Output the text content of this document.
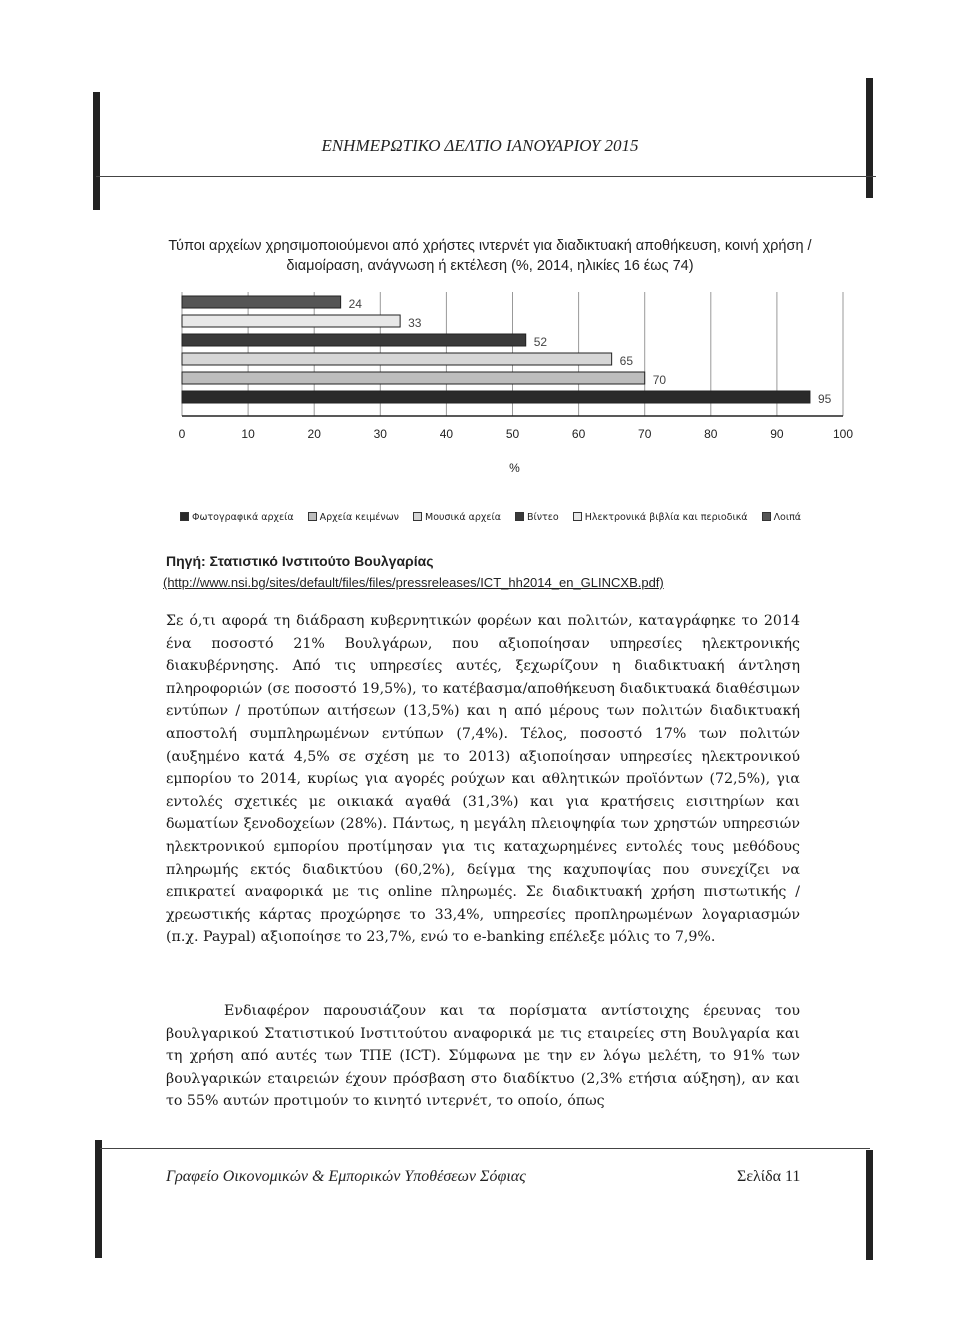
ΕΝΗΜΕΡΩΤΙΚΟ ΔΕΛΤΙΟ ΙΑΝΟΥΑΡΙΟΥ 2015
Τύποι αρχείων χρησιμοποιούμενοι από χρήστες ιντερνέτ για διαδικτυακή αποθήκευση, κοινή χρήση / διαμοίραση, ανάγνωση ή εκτέλεση (%, 2014, ηλικίες 16 έως 74)
0	10	20	30	40	50	60	70	80	90	100
24
33
52
65
70
95
%
Φωτογραφικά αρχεία	Αρχεία κειμένων	Μουσικά αρχεία	Βίντεο	Ηλεκτρονικά βιβλία και περιοδικά	Λοιπά
Πηγή: Στατιστικό Ινστιτούτο Βουλγαρίας
(http://www.nsi.bg/sites/default/files/files/pressreleases/ICT_hh2014_en_GLINCXB.pdf)
Σε ό,τι αφορά τη διάδραση κυβερνητικών φορέων και πολιτών, καταγράφηκε το 2014 ένα ποσοστό 21% Βουλγάρων, που αξιοποίησαν υπηρεσίες ηλεκτρονικής διακυβέρνησης. Από τις υπηρεσίες αυτές, ξεχωρίζουν η διαδικτυακή άντληση πληροφοριών (σε ποσοστό 19,5%), το κατέβασμα/αποθήκευση διαδικτυακά διαθέσιμων εντύπων / προτύπων αιτήσεων (13,5%) και η από μέρους των πολιτών διαδικτυακή αποστολή συμπληρωμένων εντύπων (7,4%). Τέλος, ποσοστό 17% των πολιτών (αυξημένο κατά 4,5% σε σχέση με το 2013) αξιοποίησαν υπηρεσίες ηλεκτρονικού εμπορίου το 2014, κυρίως για αγορές ρούχων και αθλητικών προϊόντων (72,5%), για εντολές σχετικές με οικιακά αγαθά (31,3%) και για κρατήσεις εισιτηρίων και δωματίων ξενοδοχείων (28%). Πάντως, η μεγάλη πλειοψηφία των χρηστών υπηρεσιών ηλεκτρονικού εμπορίου προτίμησαν για τις καταχωρημένες εντολές τους μεθόδους πληρωμής εκτός διαδικτύου (60,2%), δείγμα της καχυποψίας που συνεχίζει να επικρατεί αναφορικά με τις online πληρωμές. Σε διαδικτυακή χρήση πιστωτικής / χρεωστικής κάρτας προχώρησε το 33,4%, υπηρεσίες προπληρωμένων λογαριασμών (π.χ. Paypal) αξιοποίησε το 23,7%, ενώ το e-banking επέλεξε μόλις το 7,9%.
Ενδιαφέρον παρουσιάζουν και τα πορίσματα αντίστοιχης έρευνας του βουλγαρικού Στατιστικού Ινστιτούτου αναφορικά με τις εταιρείες στη Βουλγαρία και τη χρήση από αυτές των ΤΠΕ (ICT). Σύμφωνα με την εν λόγω μελέτη, το 91% των βουλγαρικών εταιρειών έχουν πρόσβαση στο διαδίκτυο (2,3% ετήσια αύξηση), αν και το 55% αυτών προτιμούν το κινητό ιντερνέτ, το οποίο, όπως
Γραφείο Οικονομικών & Εμπορικών Υποθέσεων Σόφιας	Σελίδα 11
